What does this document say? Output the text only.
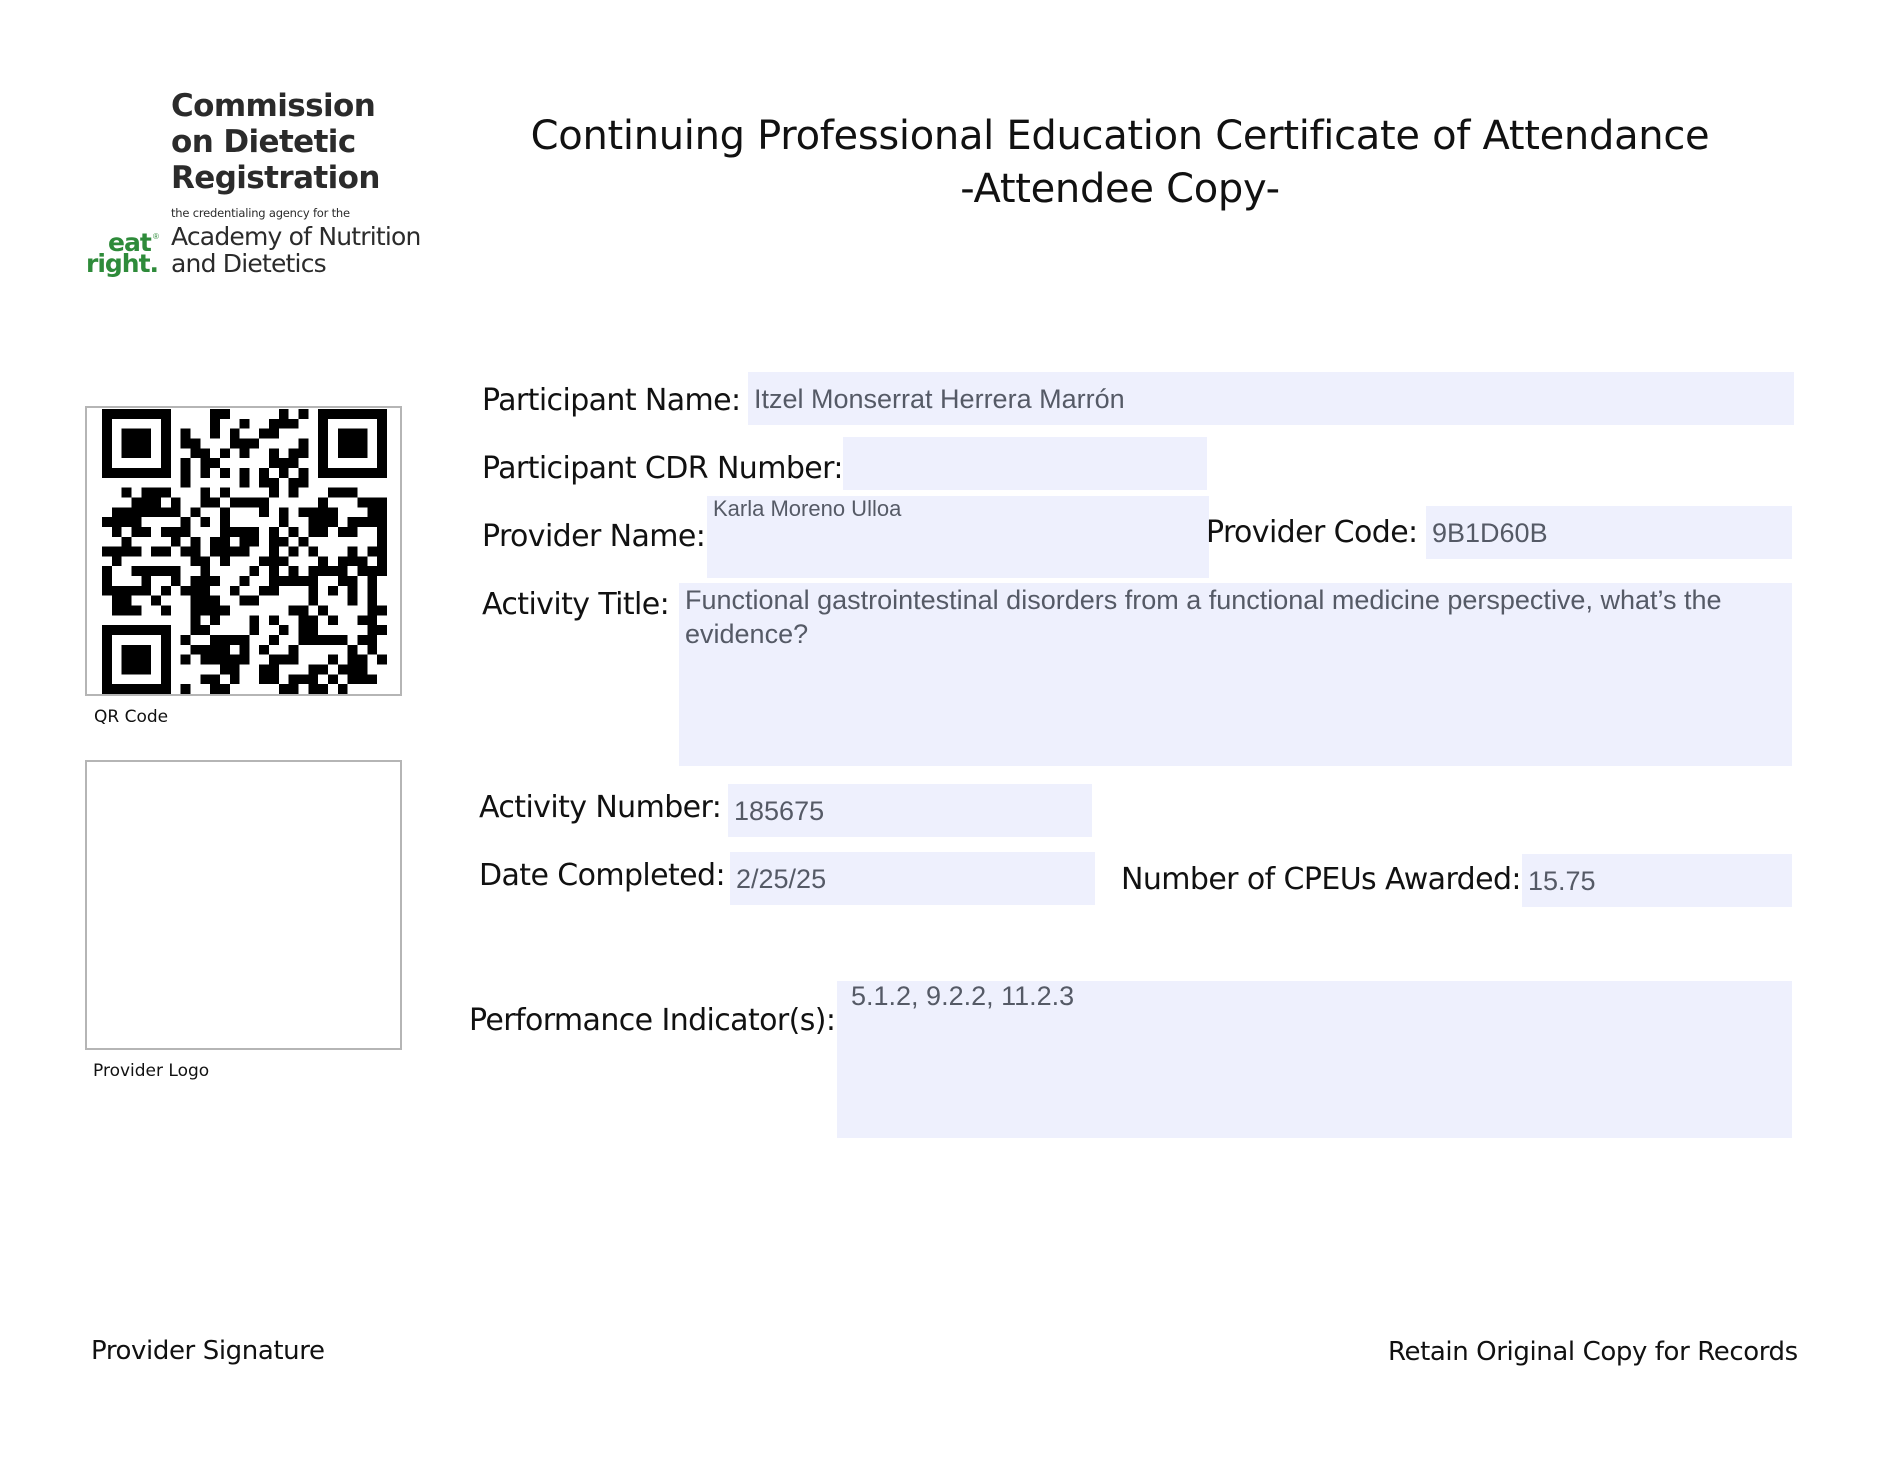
Commission
on Dietetic
Registration
the credentialing agency for the
Academy of Nutrition
and Dietetics
eat ®
right.
Continuing Professional Education Certificate of Attendance
-Attendee Copy-
QR Code
Provider Logo
Participant Name: Itzel Monserrat Herrera Marrón
Participant CDR Number:
Provider Name:
Karla Moreno Ulloa
Provider Code: 9B1D60B
Activity Title: Functional gastrointestinal disorders from a functional medicine perspective, what’s the evidence?
Activity Number: 185675
Date Completed: 2/25/25	Number of CPEUs Awarded: 15.75
Performance Indicator(s):
5.1.2, 9.2.2, 11.2.3
Provider Signature	Retain Original Copy for Records
